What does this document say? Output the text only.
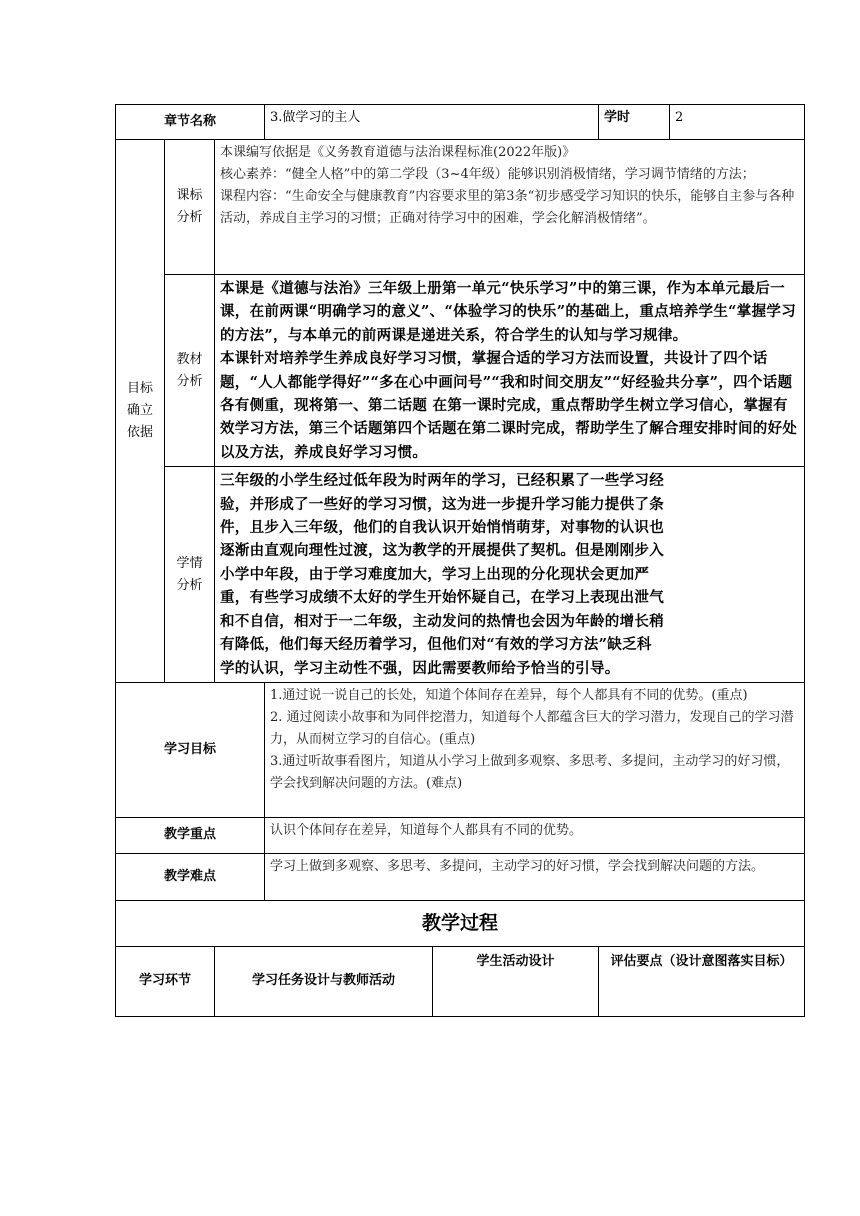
章节名称			3.做学习的主人		学时	2
目标确立依据	课标分析	本课编写依据是《义务教育道德与法治课程标准(2022年版)》

核心素养：“健全人格”中的第二学段（3~4年级）能够识别消极情绪，学习调节情绪的方法；

课程内容：“生命安全与健康教育”内容要求里的第3条“初步感受学习知识的快乐，能够自主参与各种活动，养成自主学习的习惯；正确对待学习中的困难，学会化解消极情绪”。				

	教材分析	本课是《道德与法治》三年级上册第一单元“快乐学习”中的第三课，作为本单元最后一课，在前两课“明确学习的意义”、“体验学习的快乐”的基础上，重点培养学生“掌握学习的方法”，与本单元的前两课是递进关系，符合学生的认知与学习规律。

本课针对培养学生养成良好学习习惯，掌握合适的学习方法而设置，共设计了四个话题，“人人都能学得好”“多在心中画问号”“我和时间交朋友”“好经验共分享”，四个话题各有侧重，现将第一、第二话题 在第一课时完成，重点帮助学生树立学习信心，掌握有效学习方法，第三个话题第四个话题在第二课时完成，帮助学生了解合理安排时间的好处以及方法，养成良好学习习惯。				

	学情分析	三年级的小学生经过低年段为时两年的学习，已经积累了一些学习经验，并形成了一些好的学习习惯，这为进一步提升学习能力提供了条件，且步入三年级，他们的自我认识开始悄悄萌芽，对事物的认识也逐渐由直观向理性过渡，这为教学的开展提供了契机。但是刚刚步入小学中年段，由于学习难度加大，学习上出现的分化现状会更加严重，有些学习成绩不太好的学生开始怀疑自己，在学习上表现出泄气和不自信，相对于一二年级，主动发问的热情也会因为年龄的增长稍有降低，他们每天经历着学习，但他们对“有效的学习方法”缺乏科学的认识，学习主动性不强，因此需要教师给予恰当的引导。				

学习目标			1.通过说一说自己的长处，知道个体间存在差异，每个人都具有不同的优势。(重点)

2. 通过阅读小故事和为同伴挖潜力，知道每个人都蕴含巨大的学习潜力，发现自己的学习潜力，从而树立学习的自信心。(重点)

3.通过听故事看图片，知道从小学习上做到多观察、多思考、多提问，主动学习的好习惯，学会找到解决问题的方法。(难点)			

教学重点			认识个体间存在差异，知道每个人都具有不同的优势。			
教学难点			学习上做到多观察、多思考、多提问，主动学习的好习惯，学会找到解决问题的方法。			
教学过程						
学习环节		学习任务设计与教师活动		学生活动设计	评估要点（设计意图落实目标）	
